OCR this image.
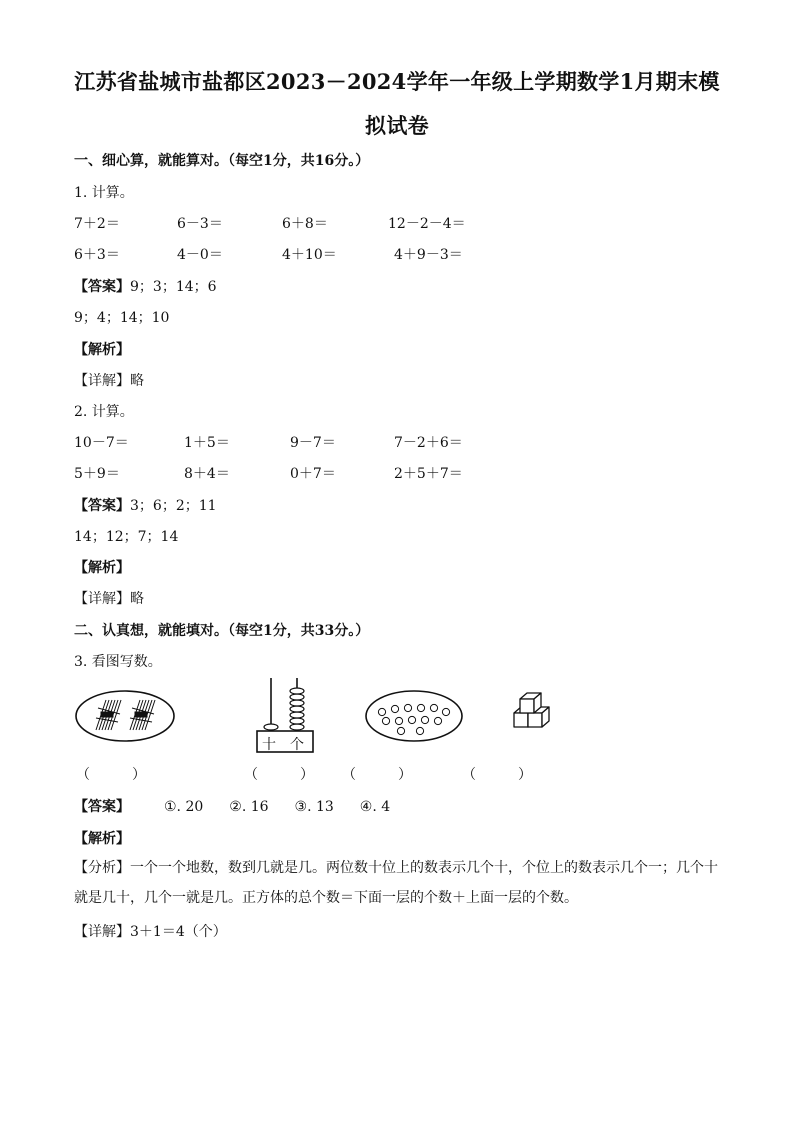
江苏省盐城市盐都区2023－2024学年一年级上学期数学1月期末模
拟试卷
一、细心算，就能算对。（每空1分，共16分。）
1. 计算。
7＋2＝	6－3＝	6＋8＝	12－2－4＝
6＋3＝	4－0＝	4＋10＝	4＋9－3＝
【答案】9；3；14；6
9；4；14；10
【解析】
【详解】略
2. 计算。
10－7＝	1＋5＝	9－7＝	7－2＋6＝
5＋9＝	8＋4＝	0＋7＝	2＋5＋7＝
【答案】3；6；2；11
14；12；7；14
【解析】
【详解】略
二、认真想，就能填对。（每空1分，共33分。）
3. 看图写数。
十 个
（　　　）	（　　　） （　　　）	（　　　）
【答案】 ①. 20 ②. 16 ③. 13 ④. 4
【解析】
【分析】一个一个地数，数到几就是几。两位数十位上的数表示几个十，个位上的数表示几个一；几个十就是几十，几个一就是几。正方体的总个数＝下面一层的个数＋上面一层的个数。
【详解】3＋1＝4（个）
